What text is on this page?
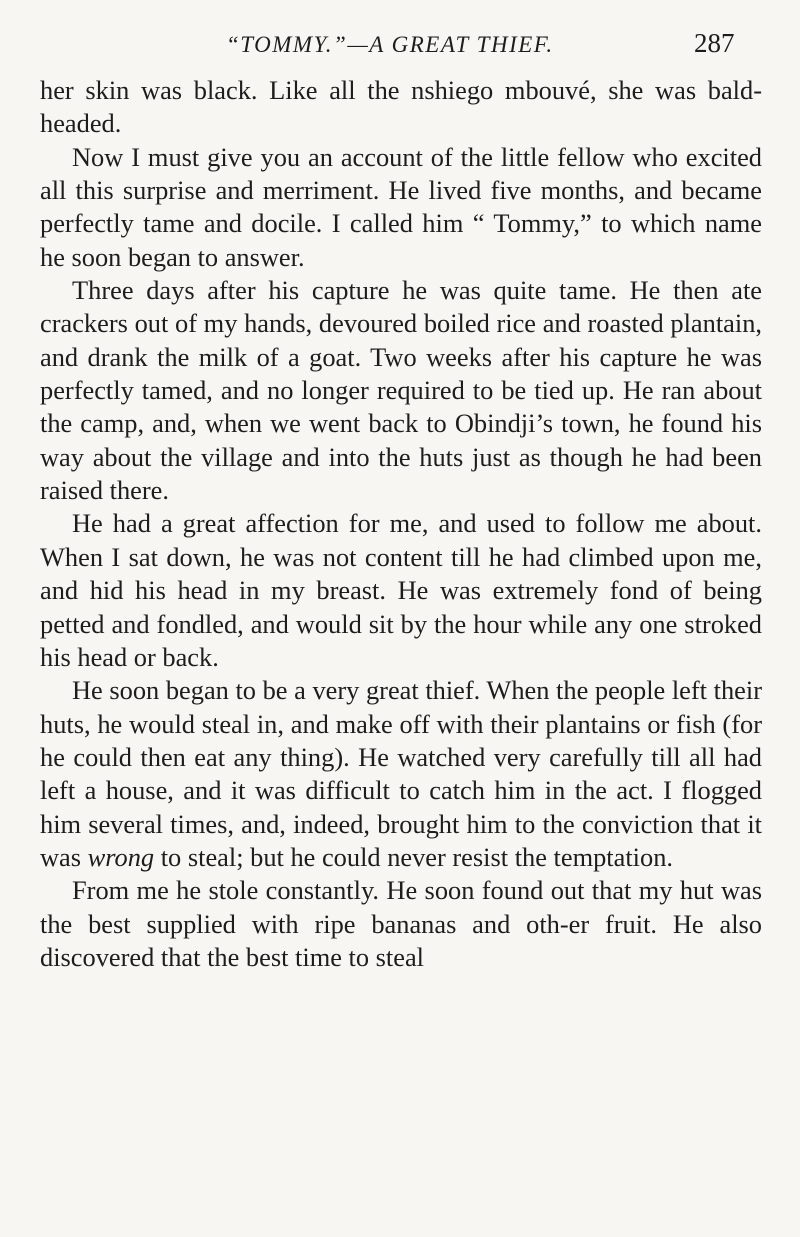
“TOMMY.”—A GREAT THIEF.	287

her skin was black. Like all the nshiego mbouvé, she was bald-headed.

Now I must give you an account of the little fellow who excited all this surprise and merriment. He lived five months, and became perfectly tame and docile. I called him “ Tommy,” to which name he soon began to answer.

Three days after his capture he was quite tame. He then ate crackers out of my hands, devoured boiled rice and roasted plantain, and drank the milk of a goat. Two weeks after his capture he was perfectly tamed, and no longer required to be tied up. He ran about the camp, and, when we went back to Obindji’s town, he found his way about the village and into the huts just as though he had been raised there.

He had a great affection for me, and used to follow me about. When I sat down, he was not content till he had climbed upon me, and hid his head in my breast. He was extremely fond of being petted and fondled, and would sit by the hour while any one stroked his head or back.

He soon began to be a very great thief. When the people left their huts, he would steal in, and make off with their plantains or fish (for he could then eat any thing). He watched very carefully till all had left a house, and it was difficult to catch him in the act. I flogged him several times, and, indeed, brought him to the conviction that it was wrong to steal; but he could never resist the temptation.

From me he stole constantly. He soon found out that my hut was the best supplied with ripe bananas and oth-er fruit. He also discovered that the best time to steal
